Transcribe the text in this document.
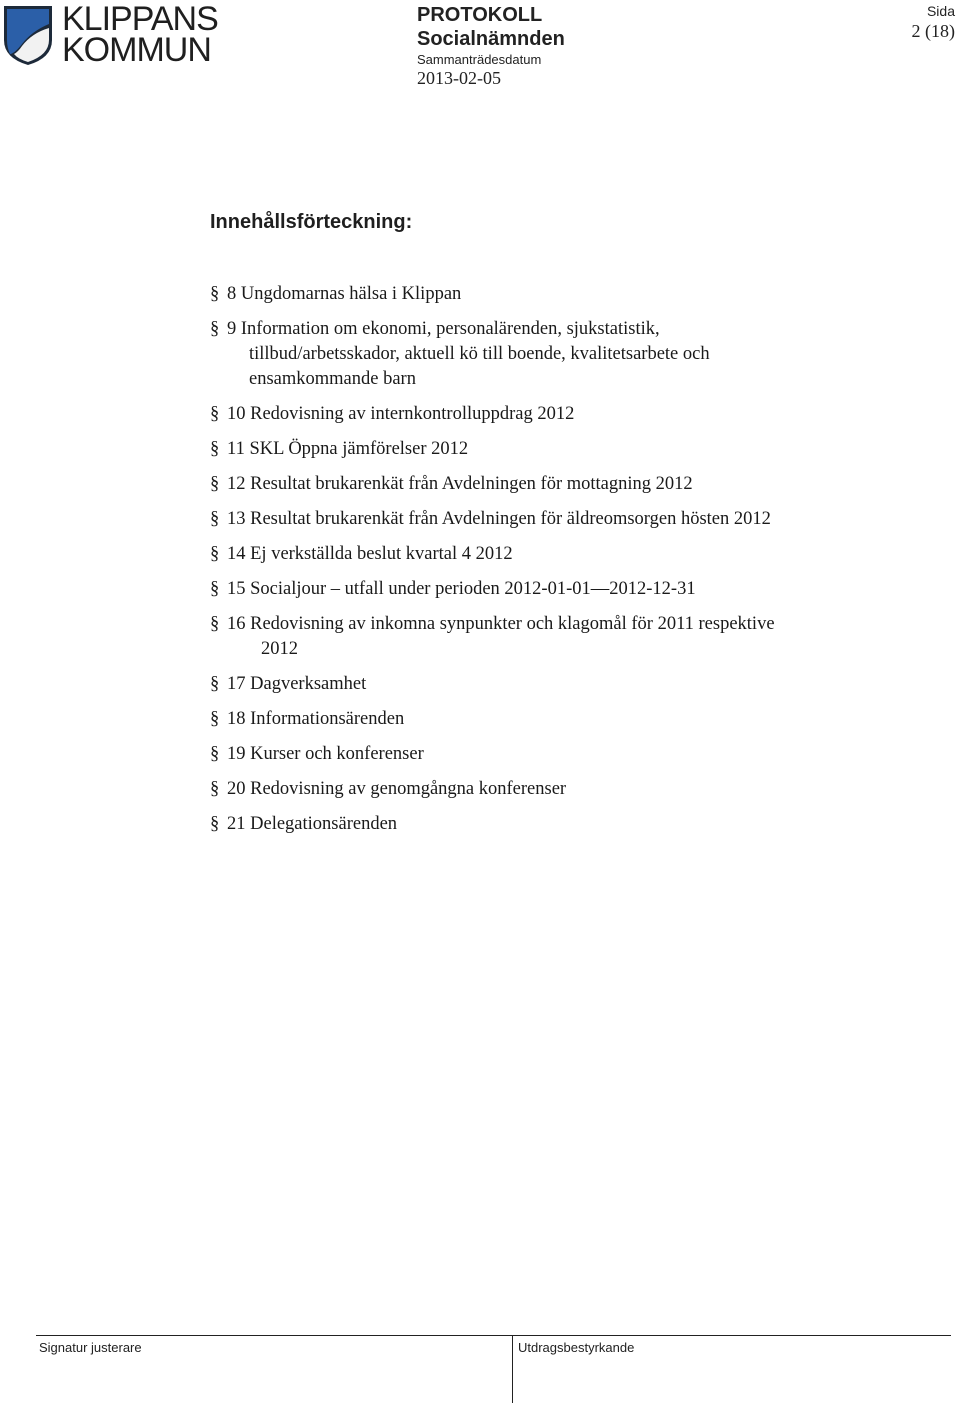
KLIPPANS
KOMMUN
PROTOKOLL
Socialnämnden
Sammanträdesdatum
2013-02-05
Sida
2 (18)
Innehållsförteckning:
§ 8 Ungdomarnas hälsa i Klippan
§ 9 Information om ekonomi, personalärenden, sjukstatistik,
tillbud/arbetsskador, aktuell kö till boende, kvalitetsarbete och
ensamkommande barn
§ 10 Redovisning av internkontrolluppdrag 2012
§ 11 SKL Öppna jämförelser 2012
§ 12 Resultat brukarenkät från Avdelningen för mottagning 2012
§ 13 Resultat brukarenkät från Avdelningen för äldreomsorgen hösten 2012
§ 14 Ej verkställda beslut kvartal 4 2012
§ 15 Socialjour – utfall under perioden 2012-01-01—2012-12-31
§ 16 Redovisning av inkomna synpunkter och klagomål för 2011 respektive
2012
§ 17 Dagverksamhet
§ 18 Informationsärenden
§ 19 Kurser och konferenser
§ 20 Redovisning av genomgångna konferenser
§ 21 Delegationsärenden
Signatur justerare	Utdragsbestyrkande
